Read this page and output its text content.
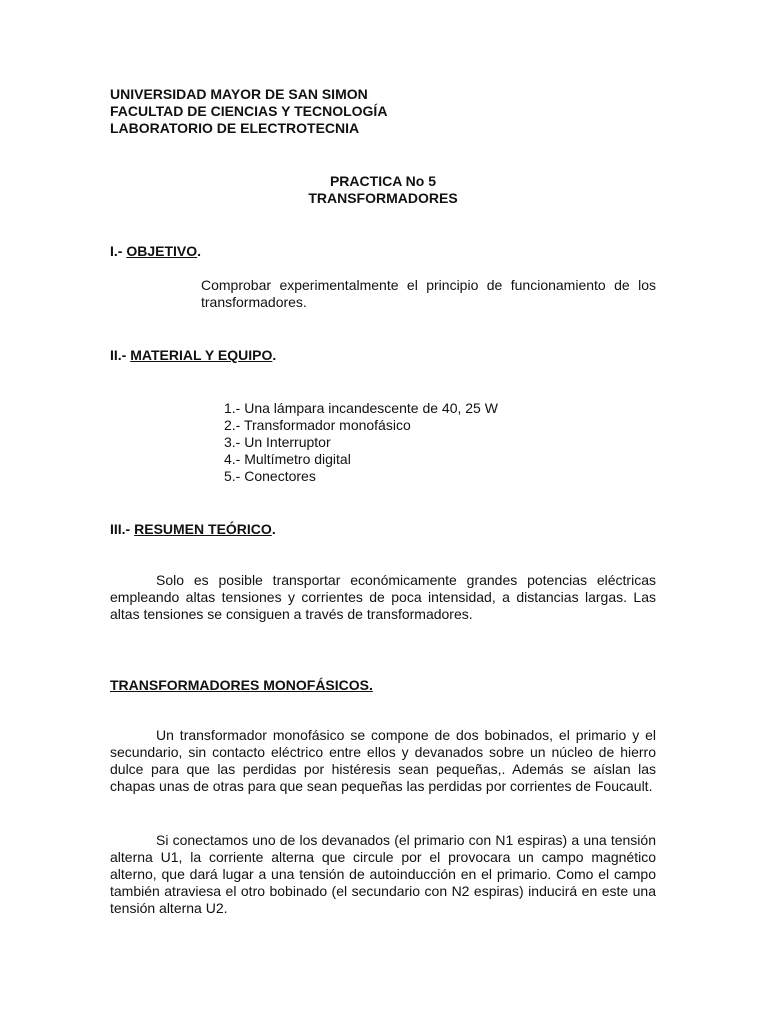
UNIVERSIDAD MAYOR DE SAN SIMON
FACULTAD DE CIENCIAS Y TECNOLOGÍA
LABORATORIO DE ELECTROTECNIA
PRACTICA No 5
TRANSFORMADORES
I.- OBJETIVO.

Comprobar experimentalmente el principio de funcionamiento de los transformadores.

II.- MATERIAL Y EQUIPO.
1.- Una lámpara incandescente de 40, 25 W
2.- Transformador monofásico
3.- Un Interruptor
4.- Multímetro digital
5.- Conectores
III.- RESUMEN TEÓRICO.

Solo es posible transportar económicamente grandes potencias eléctricas empleando altas tensiones y corrientes de poca intensidad, a distancias largas. Las altas tensiones se consiguen a través de transformadores.

TRANSFORMADORES MONOFÁSICOS.

Un transformador monofásico se compone de dos bobinados, el primario y el secundario, sin contacto eléctrico entre ellos y devanados sobre un núcleo de hierro dulce para que las perdidas por histéresis sean pequeñas,. Además se aíslan las chapas unas de otras para que sean pequeñas las perdidas por corrientes de Foucault.

Si conectamos uno de los devanados (el primario con N1 espiras) a una tensión alterna U1, la corriente alterna que circule por el provocara un campo magnético alterno, que dará lugar a una tensión de autoinducción en el primario. Como el campo también atraviesa el otro bobinado (el secundario con N2 espiras) inducirá en este una tensión alterna U2.
